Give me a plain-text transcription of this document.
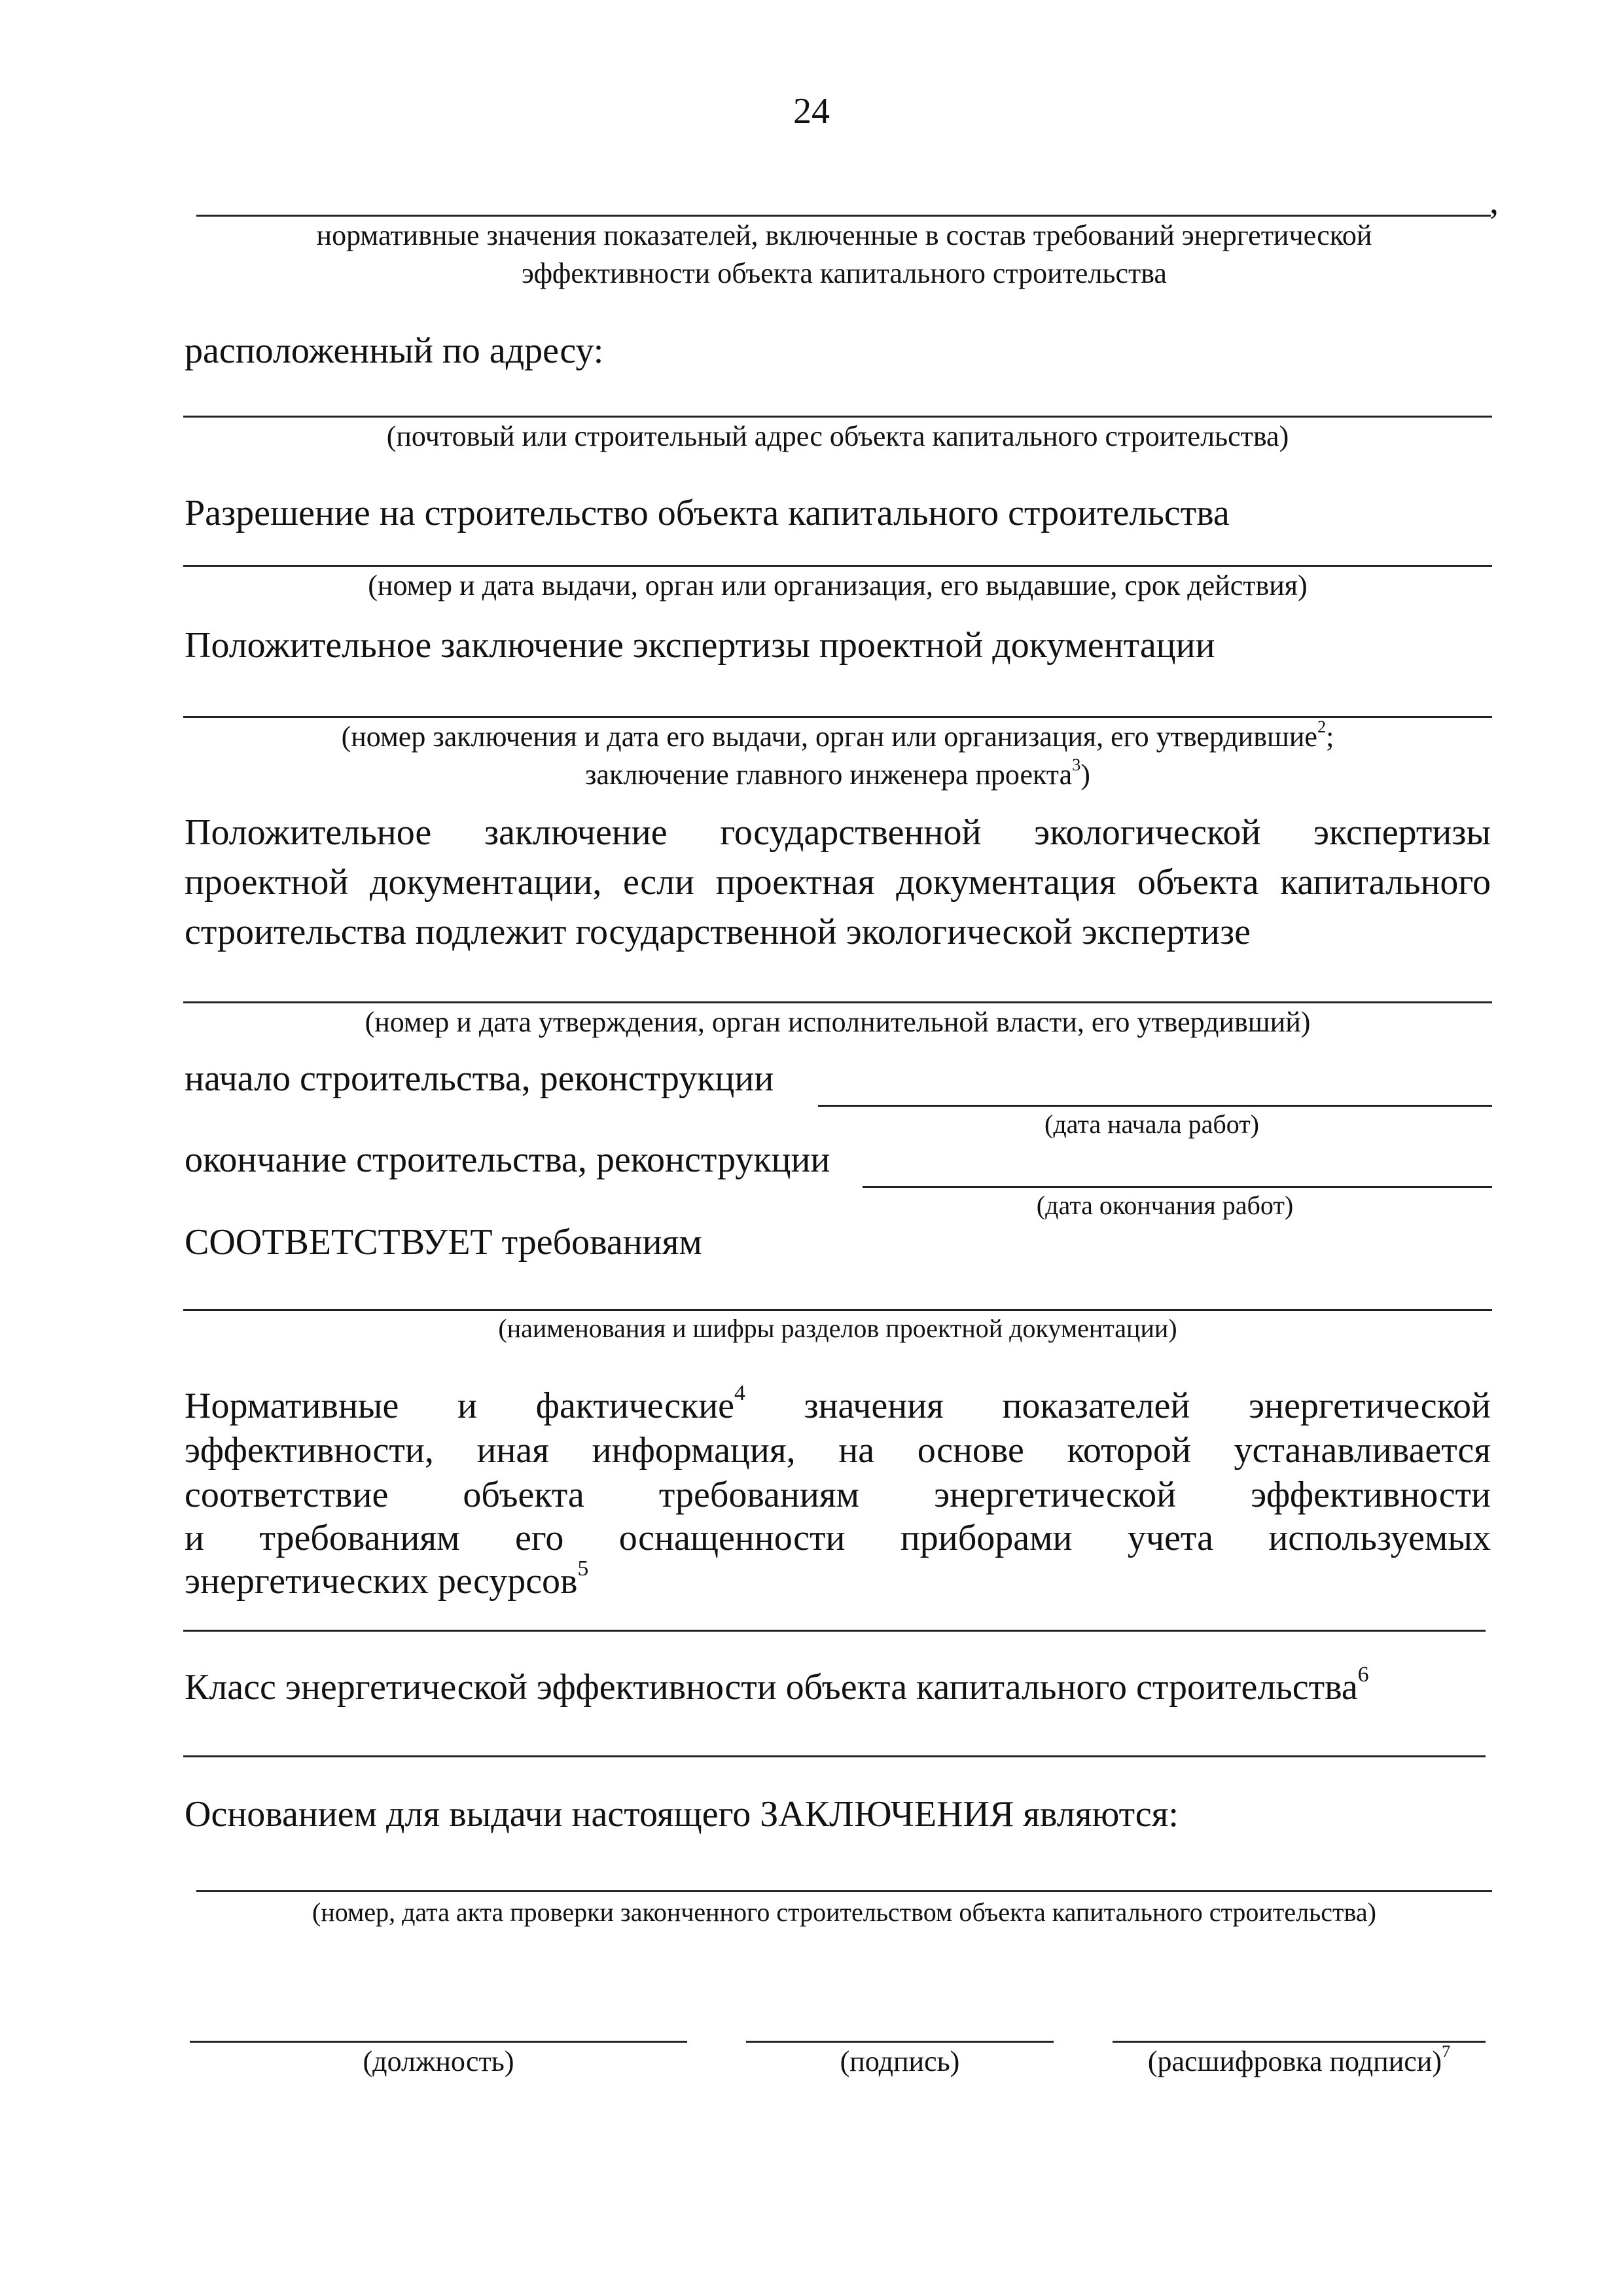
24
,
нормативные значения показателей, включенные в состав требований энергетической
эффективности объекта капитального строительства
расположенный по адресу:
(почтовый или строительный адрес объекта капитального строительства)
Разрешение на строительство объекта капитального строительства
(номер и дата выдачи, орган или организация, его выдавшие, срок действия)
Положительное заключение экспертизы проектной документации
(номер заключения и дата его выдачи, орган или организация, его утвердившие$^2$;
заключение главного инженера проекта$^3$)
Положительное заключение государственной экологической экспертизы
проектной документации, если проектная документация объекта капитального
строительства подлежит государственной экологической экспертизе
(номер и дата утверждения, орган исполнительной власти, его утвердивший)
начало строительства, реконструкции
(дата начала работ)
окончание строительства, реконструкции
(дата окончания работ)
СООТВЕТСТВУЕТ требованиям
(наименования и шифры разделов проектной документации)
Нормативные и фактические$^4$ значения показателей энергетической
эффективности, иная информация, на основе которой устанавливается
соответствие объекта требованиям энергетической эффективности
и требованиям его оснащенности приборами учета используемых
энергетических ресурсов$^5$
Класс энергетической эффективности объекта капитального строительства$^6$
Основанием для выдачи настоящего ЗАКЛЮЧЕНИЯ являются:
(номер, дата акта проверки законченного строительством объекта капитального строительства)
(должность)	(подпись)	(расшифровка подписи)$^7$
